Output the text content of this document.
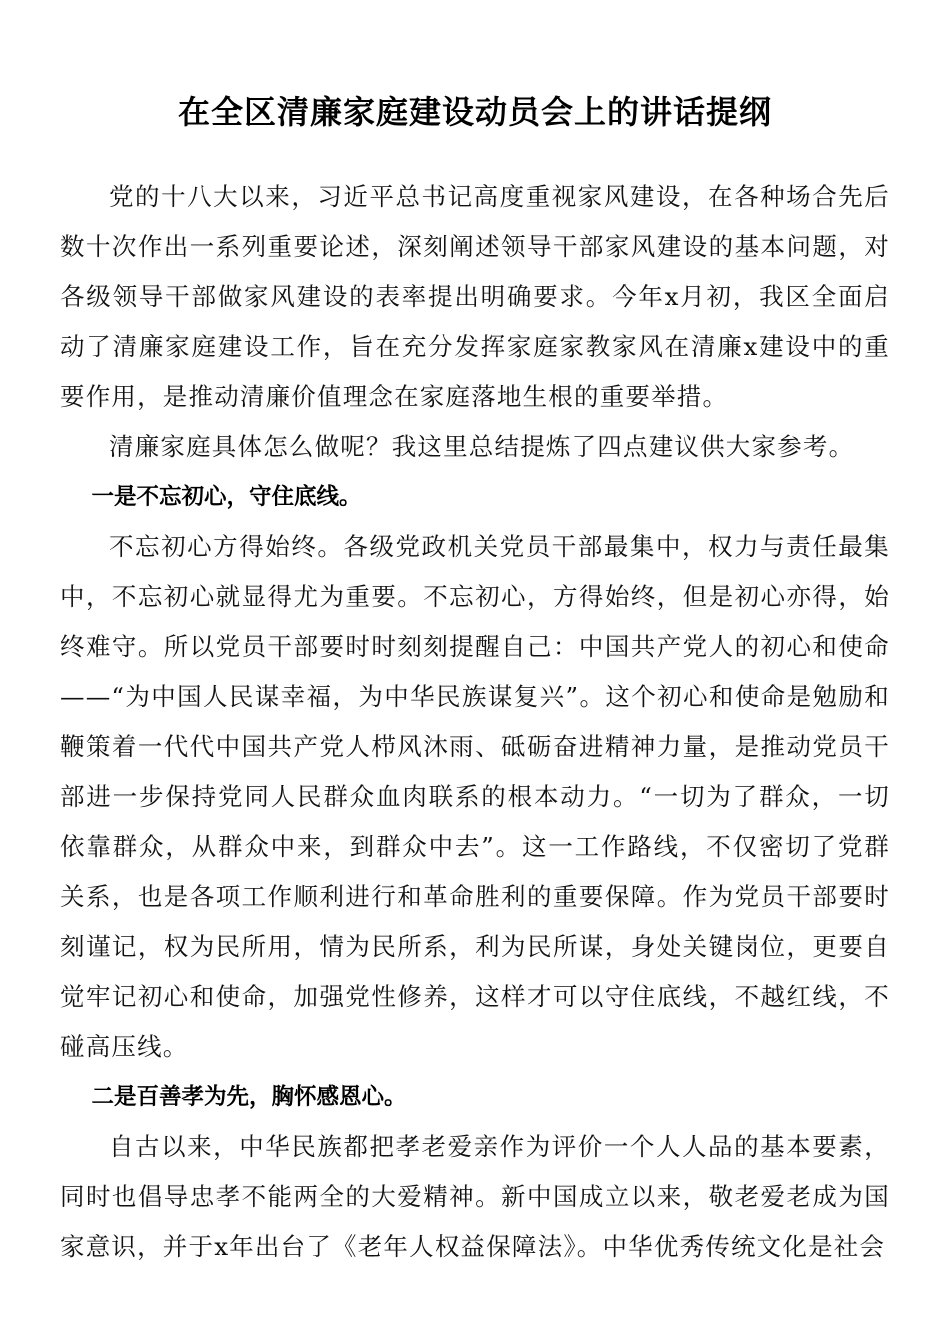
在全区清廉家庭建设动员会上的讲话提纲

党的十八大以来，习近平总书记高度重视家风建设，在各种场合先后数十次作出一系列重要论述，深刻阐述领导干部家风建设的基本问题，对各级领导干部做家风建设的表率提出明确要求。今年x月初，我区全面启动了清廉家庭建设工作，旨在充分发挥家庭家教家风在清廉x建设中的重要作用，是推动清廉价值理念在家庭落地生根的重要举措。

清廉家庭具体怎么做呢？我这里总结提炼了四点建议供大家参考。

一是不忘初心，守住底线。

不忘初心方得始终。各级党政机关党员干部最集中，权力与责任最集中，不忘初心就显得尤为重要。不忘初心，方得始终，但是初心亦得，始终难守。所以党员干部要时时刻刻提醒自己：中国共产党人的初心和使命——“为中国人民谋幸福，为中华民族谋复兴”。这个初心和使命是勉励和鞭策着一代代中国共产党人栉风沐雨、砥砺奋进精神力量，是推动党员干部进一步保持党同人民群众血肉联系的根本动力。“一切为了群众，一切依靠群众，从群众中来，到群众中去”。这一工作路线，不仅密切了党群关系，也是各项工作顺利进行和革命胜利的重要保障。作为党员干部要时刻谨记，权为民所用，情为民所系，利为民所谋，身处关键岗位，更要自觉牢记初心和使命，加强党性修养，这样才可以守住底线，不越红线，不碰高压线。

二是百善孝为先，胸怀感恩心。

自古以来，中华民族都把孝老爱亲作为评价一个人人品的基本要素，同时也倡导忠孝不能两全的大爱精神。新中国成立以来，敬老爱老成为国家意识，并于x年出台了《老年人权益保障法》。中华优秀传统文化是社会
